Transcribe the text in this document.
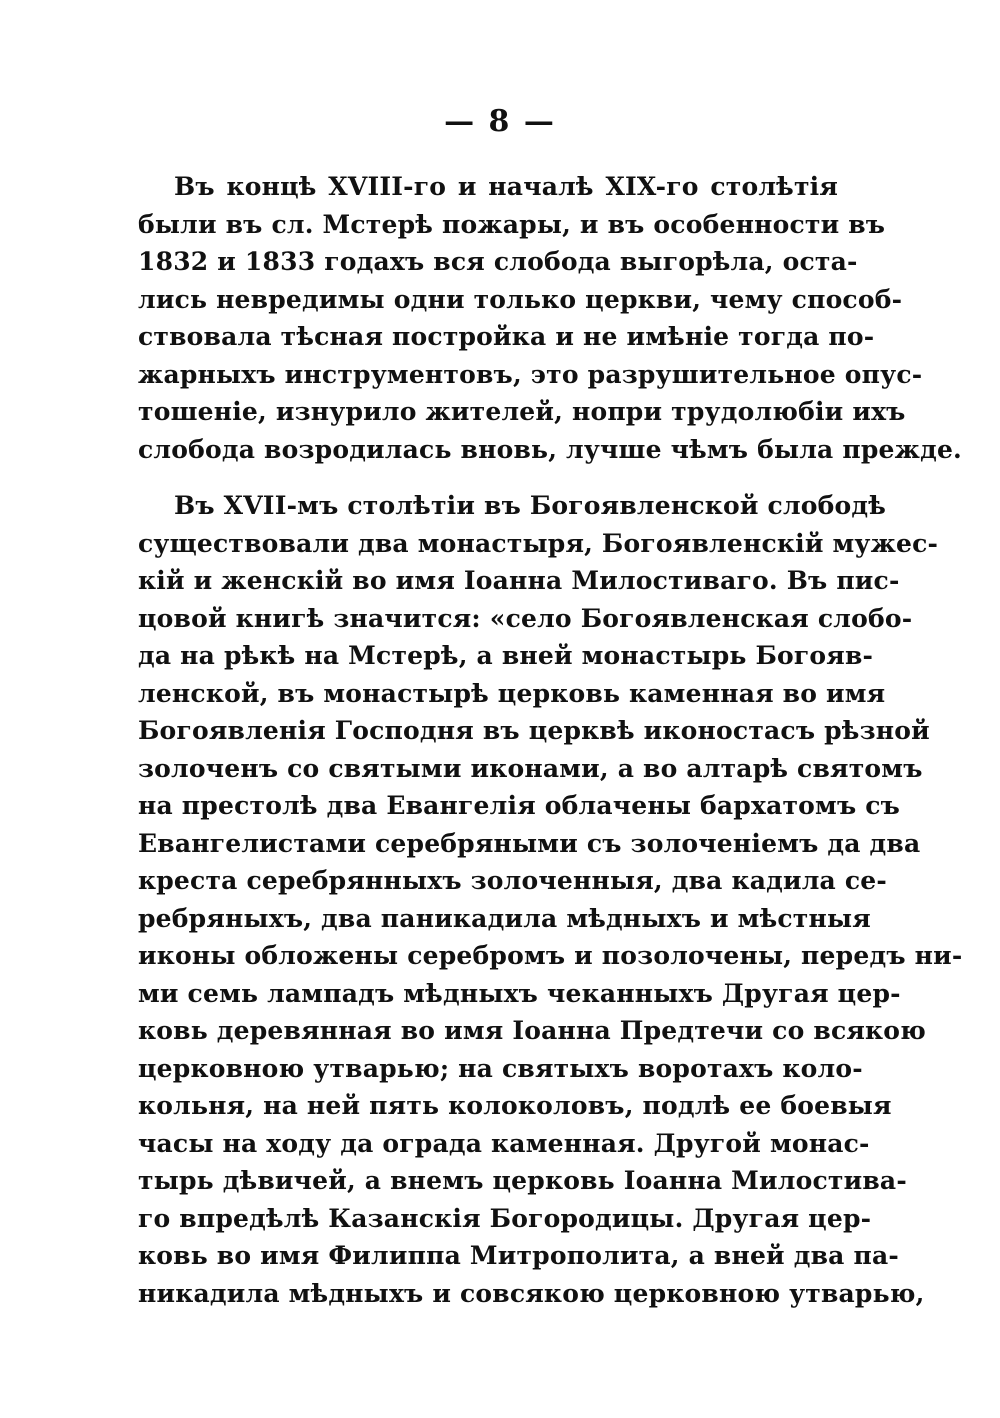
— 8 —
Въ концѣ XVIII-го и началѣ XIX-го столѣтія
были въ сл. Мстерѣ пожары, и въ особенности въ
1832 и 1833 годахъ вся слобода выгорѣла, оста-
лись невредимы одни только церкви, чему способ-
ствовала тѣсная постройка и не имѣніе тогда по-
жарныхъ инструментовъ, это разрушительное опус-
тошеніе, изнурило жителей, нопри трудолюбіи ихъ
слобода возродилась вновь, лучше чѣмъ была прежде.
Въ XVII-мъ столѣтіи въ Богоявленской слободѣ
существовали два монастыря, Богоявленскій мужес-
кій и женскій во имя Іоанна Милостиваго. Въ пис-
цовой книгѣ значится: «село Богоявленская слобо-
да на рѣкѣ на Мстерѣ, а вней монастырь Богояв-
ленской, въ монастырѣ церковь каменная во имя
Богоявленія Господня въ церквѣ иконостасъ рѣзной
золоченъ со святыми иконами, а во алтарѣ святомъ
на престолѣ два Евангелія облачены бархатомъ съ
Евангелистами серебряными съ золоченіемъ да два
креста серебрянныхъ золоченныя, два кадила се-
ребряныхъ, два паникадила мѣдныхъ и мѣстныя
иконы обложены серебромъ и позолочены, передъ ни-
ми семь лампадъ мѣдныхъ чеканныхъ Другая цер-
ковь деревянная во имя Іоанна Предтечи со всякою
церковною утварью; на святыхъ воротахъ коло-
кольня, на ней пять колоколовъ, подлѣ ее боевыя
часы на ходу да ограда каменная. Другой монас-
тырь дѣвичей, а внемъ церковь Іоанна Милостива-
го впредѣлѣ Казанскія Богородицы. Другая цер-
ковь во имя Филиппа Митрополита, а вней два па-
никадила мѣдныхъ и совсякою церковною утварью,
